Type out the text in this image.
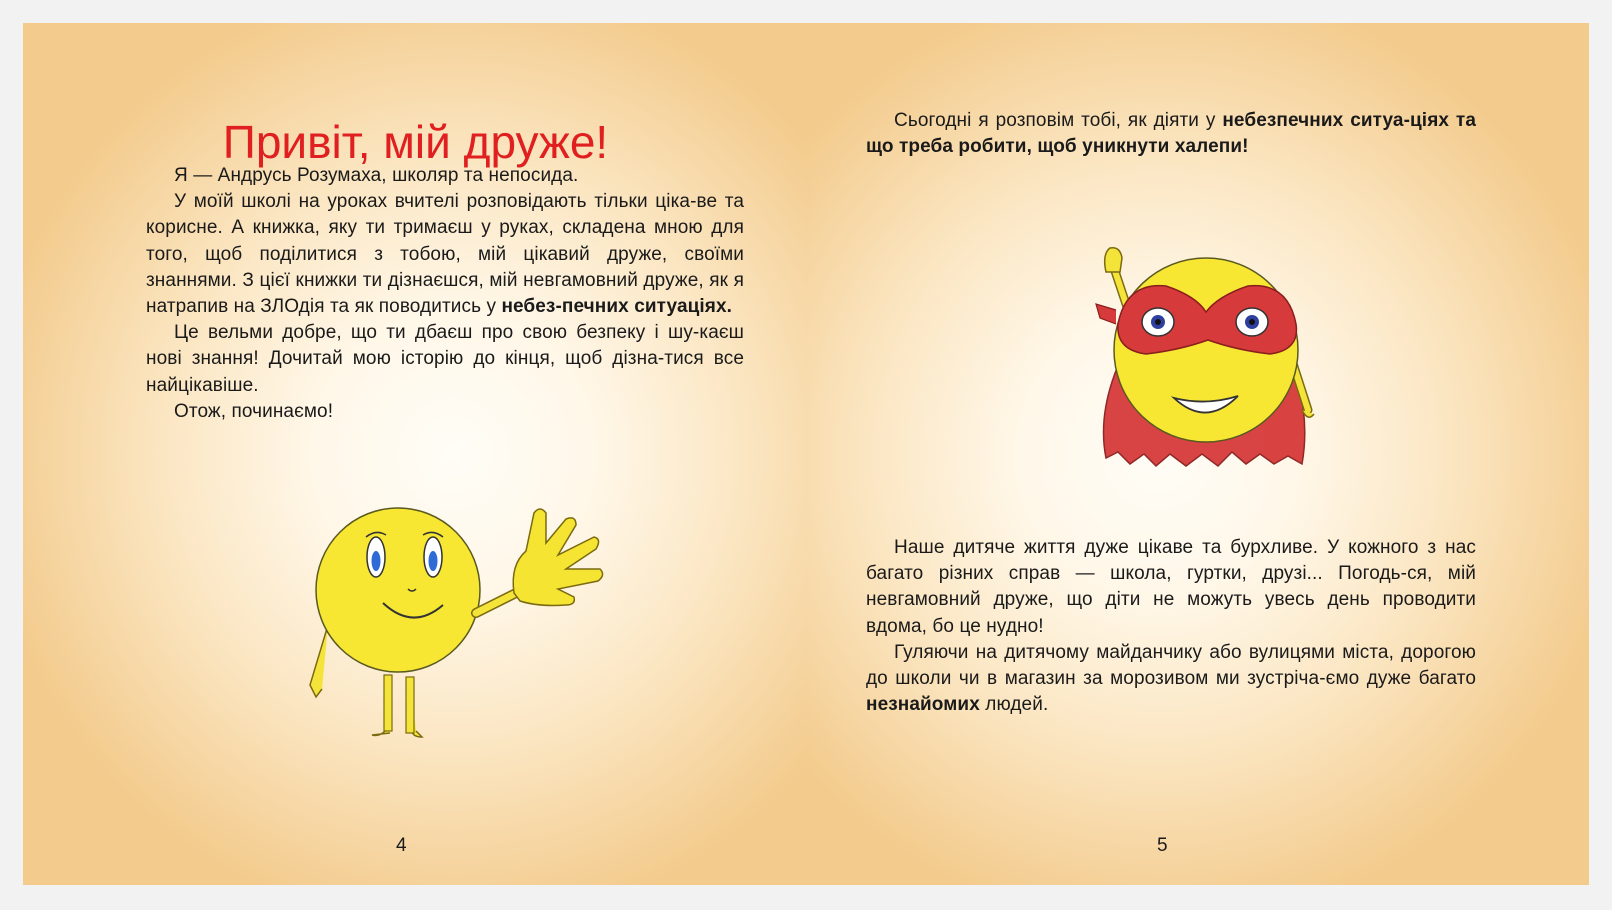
Привіт, мій друже!

Я — Андрусь Розумаха, школяр та непосида.

У моїй школі на уроках вчителі розповідають тільки ціка-ве та корисне. А книжка, яку ти тримаєш у руках, складена мною для того, щоб поділитися з тобою, мій цікавий друже, своїми знаннями. З цієї книжки ти дізнаєшся, мій невгамовний друже, як я натрапив на ЗЛОдія та як поводитись у небез-печних ситуаціях.

Це вельми добре, що ти дбаєш про свою безпеку і шу-каєш нові знання! Дочитай мою історію до кінця, щоб дізна-тися все найцікавіше.

Отож, починаємо!

4

Сьогодні я розповім тобі, як діяти у небезпечних ситуа-ціях та що треба робити, щоб уникнути халепи!

Наше дитяче життя дуже цікаве та бурхливе. У кожного з нас багато різних справ — школа, гуртки, друзі... Погодь-ся, мій невгамовний друже, що діти не можуть увесь день проводити вдома, бо це нудно!

Гуляючи на дитячому майданчику або вулицями міста, дорогою до школи чи в магазин за морозивом ми зустріча-ємо дуже багато незнайомих людей.

5
